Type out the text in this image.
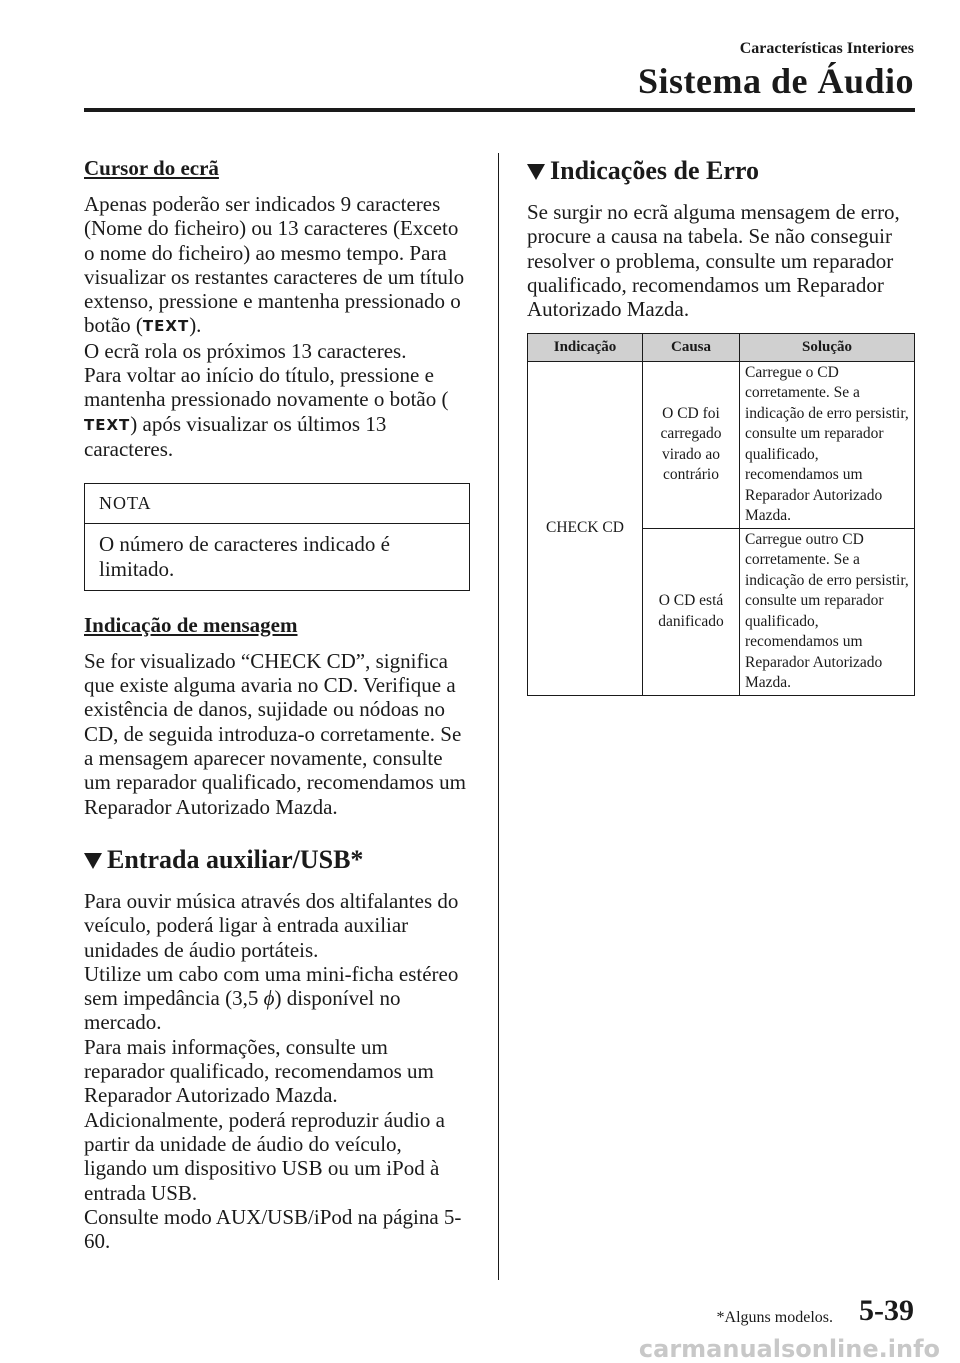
Características Interiores
Sistema de Áudio

Cursor do ecrã

Apenas poderão ser indicados 9 caracteres (Nome do ficheiro) ou 13 caracteres (Exceto o nome do ficheiro) ao mesmo tempo. Para visualizar os restantes caracteres de um título extenso, pressione e mantenha pressionado o botão (TEXT).

O ecrã rola os próximos 13 caracteres.

Para voltar ao início do título, pressione e mantenha pressionado novamente o botão (TEXT) após visualizar os últimos 13 caracteres.

NOTA
O número de caracteres indicado é limitado.

Indicação de mensagem

Se for visualizado “CHECK CD”, significa que existe alguma avaria no CD. Verifique a existência de danos, sujidade ou nódoas no CD, de seguida introduza-o corretamente. Se a mensagem aparecer novamente, consulte um reparador qualificado, recomendamos um Reparador Autorizado Mazda.

Entrada auxiliar/USB*

Para ouvir música através dos altifalantes do veículo, poderá ligar à entrada auxiliar unidades de áudio portáteis.

Utilize um cabo com uma mini-ficha estéreo sem impedância (3,5 ϕ) disponível no mercado.

Para mais informações, consulte um reparador qualificado, recomendamos um Reparador Autorizado Mazda.

Adicionalmente, poderá reproduzir áudio a partir da unidade de áudio do veículo, ligando um dispositivo USB ou um iPod à entrada USB.

Consulte modo AUX/USB/iPod na página 5-60.

Indicações de Erro

Se surgir no ecrã alguma mensagem de erro, procure a causa na tabela. Se não conseguir resolver o problema, consulte um reparador qualificado, recomendamos um Reparador Autorizado Mazda.

Indicação	Causa	Solução
CHECK CD	O CD foi carregado virado ao contrário	Carregue o CD corretamente. Se a indicação de erro persistir, consulte um reparador qualificado, recomendamos um Reparador Autorizado Mazda.
	O CD está danificado	Carregue outro CD corretamente. Se a indicação de erro persistir, consulte um reparador qualificado, recomendamos um Reparador Autorizado Mazda.
*Alguns modelos. 5-39
carmanualsonline.info
